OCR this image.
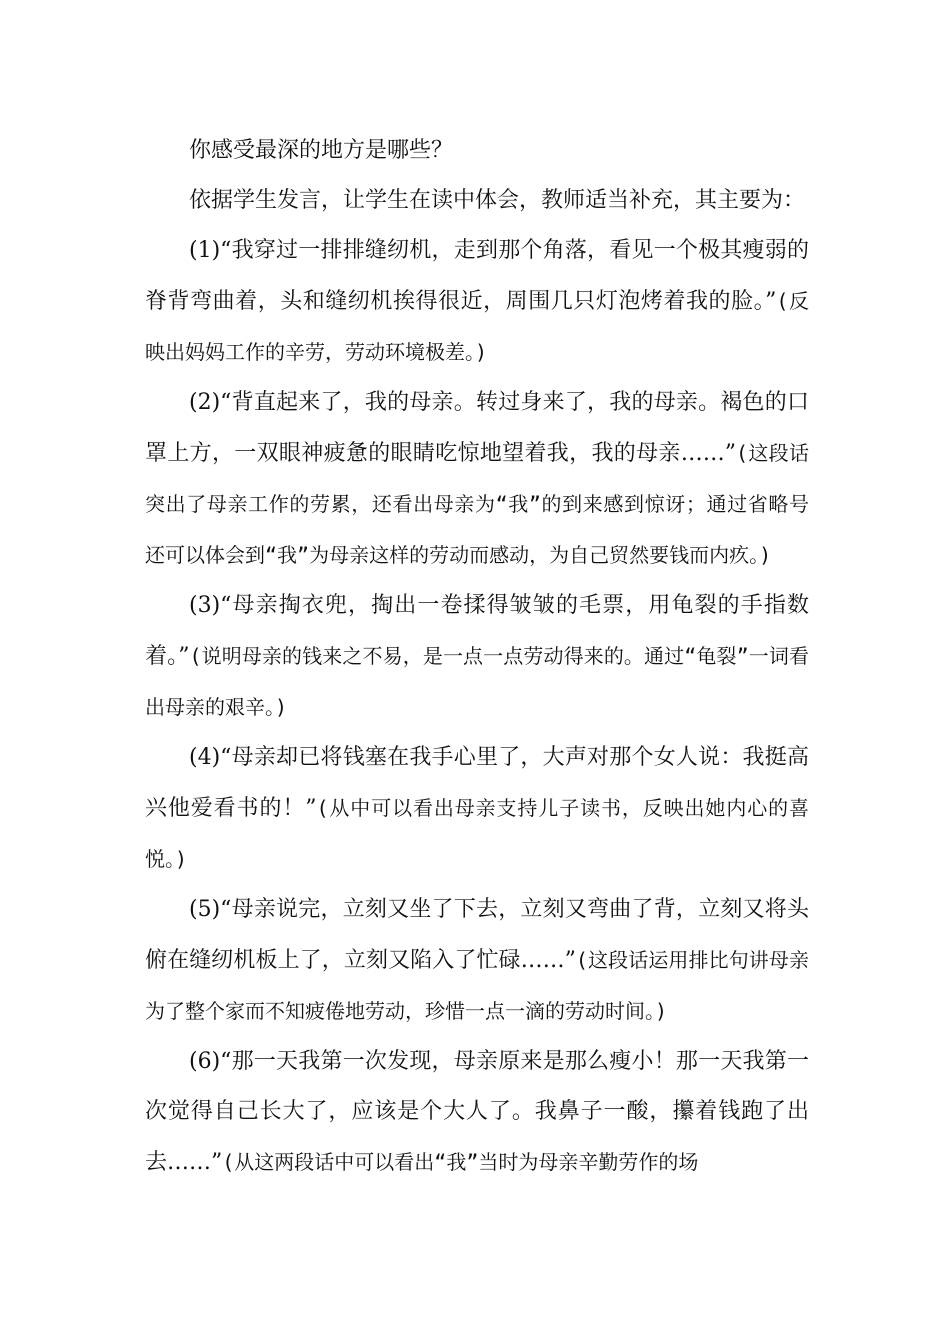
你感受最深的地方是哪些？

依据学生发言，让学生在读中体会，教师适当补充，其主要为：

(1)“我穿过一排排缝纫机，走到那个角落，看见一个极其瘦弱的脊背弯曲着，头和缝纫机挨得很近，周围几只灯泡烤着我的脸。”(反映出妈妈工作的辛劳，劳动环境极差。)

(2)“背直起来了，我的母亲。转过身来了，我的母亲。褐色的口罩上方，一双眼神疲惫的眼睛吃惊地望着我，我的母亲……”(这段话突出了母亲工作的劳累，还看出母亲为“我”的到来感到惊讶；通过省略号还可以体会到“我”为母亲这样的劳动而感动，为自己贸然要钱而内疚。)

(3)“母亲掏衣兜，掏出一卷揉得皱皱的毛票，用龟裂的手指数着。”(说明母亲的钱来之不易，是一点一点劳动得来的。通过“龟裂”一词看出母亲的艰辛。)

(4)“母亲却已将钱塞在我手心里了，大声对那个女人说：我挺高兴他爱看书的！”(从中可以看出母亲支持儿子读书，反映出她内心的喜悦。)

(5)“母亲说完，立刻又坐了下去，立刻又弯曲了背，立刻又将头俯在缝纫机板上了，立刻又陷入了忙碌……”(这段话运用排比句讲母亲为了整个家而不知疲倦地劳动，珍惜一点一滴的劳动时间。)

(6)“那一天我第一次发现，母亲原来是那么瘦小！那一天我第一次觉得自己长大了，应该是个大人了。我鼻子一酸，攥着钱跑了出去……”(从这两段话中可以看出“我”当时为母亲辛勤劳作的场
